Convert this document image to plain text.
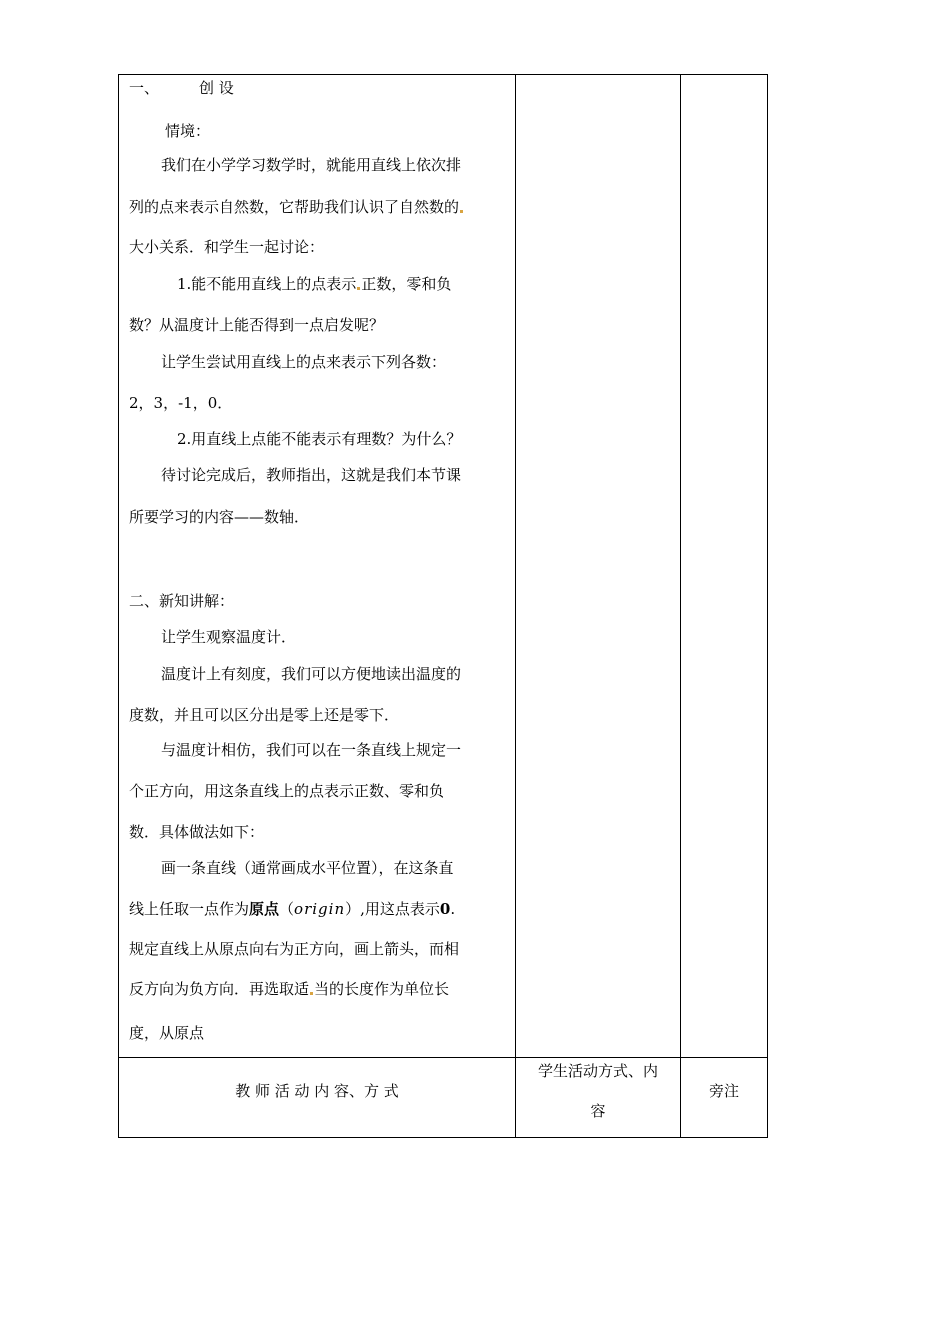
一、	创 设
情境：
我们在小学学习数学时，就能用直线上依次排
列的点来表示自然数，它帮助我们认识了自然数的
大小关系．和学生一起讨论：
1.能不能用直线上的点表示 正数，零和负
数？从温度计上能否得到一点启发呢？
让学生尝试用直线上的点来表示下列各数：
2，3，-1，0．
2.用直线上点能不能表示有理数？为什么？
待讨论完成后，教师指出，这就是我们本节课
所要学习的内容——数轴．
二、新知讲解：
让学生观察温度计．
温度计上有刻度，我们可以方便地读出温度的
度数，并且可以区分出是零上还是零下．
与温度计相仿，我们可以在一条直线上规定一
个正方向，用这条直线上的点表示正数、零和负
数．具体做法如下：
画一条直线（通常画成水平位置），在这条直
线上任取一点作为原点（origin）,用这点表示0.
规定直线上从原点向右为正方向，画上箭头，而相
反方向为负方向．再选取适 当的长度作为单位长
度，从原点
教 师 活 动 内 容、方 式
学生活动方式、内
容
旁注
